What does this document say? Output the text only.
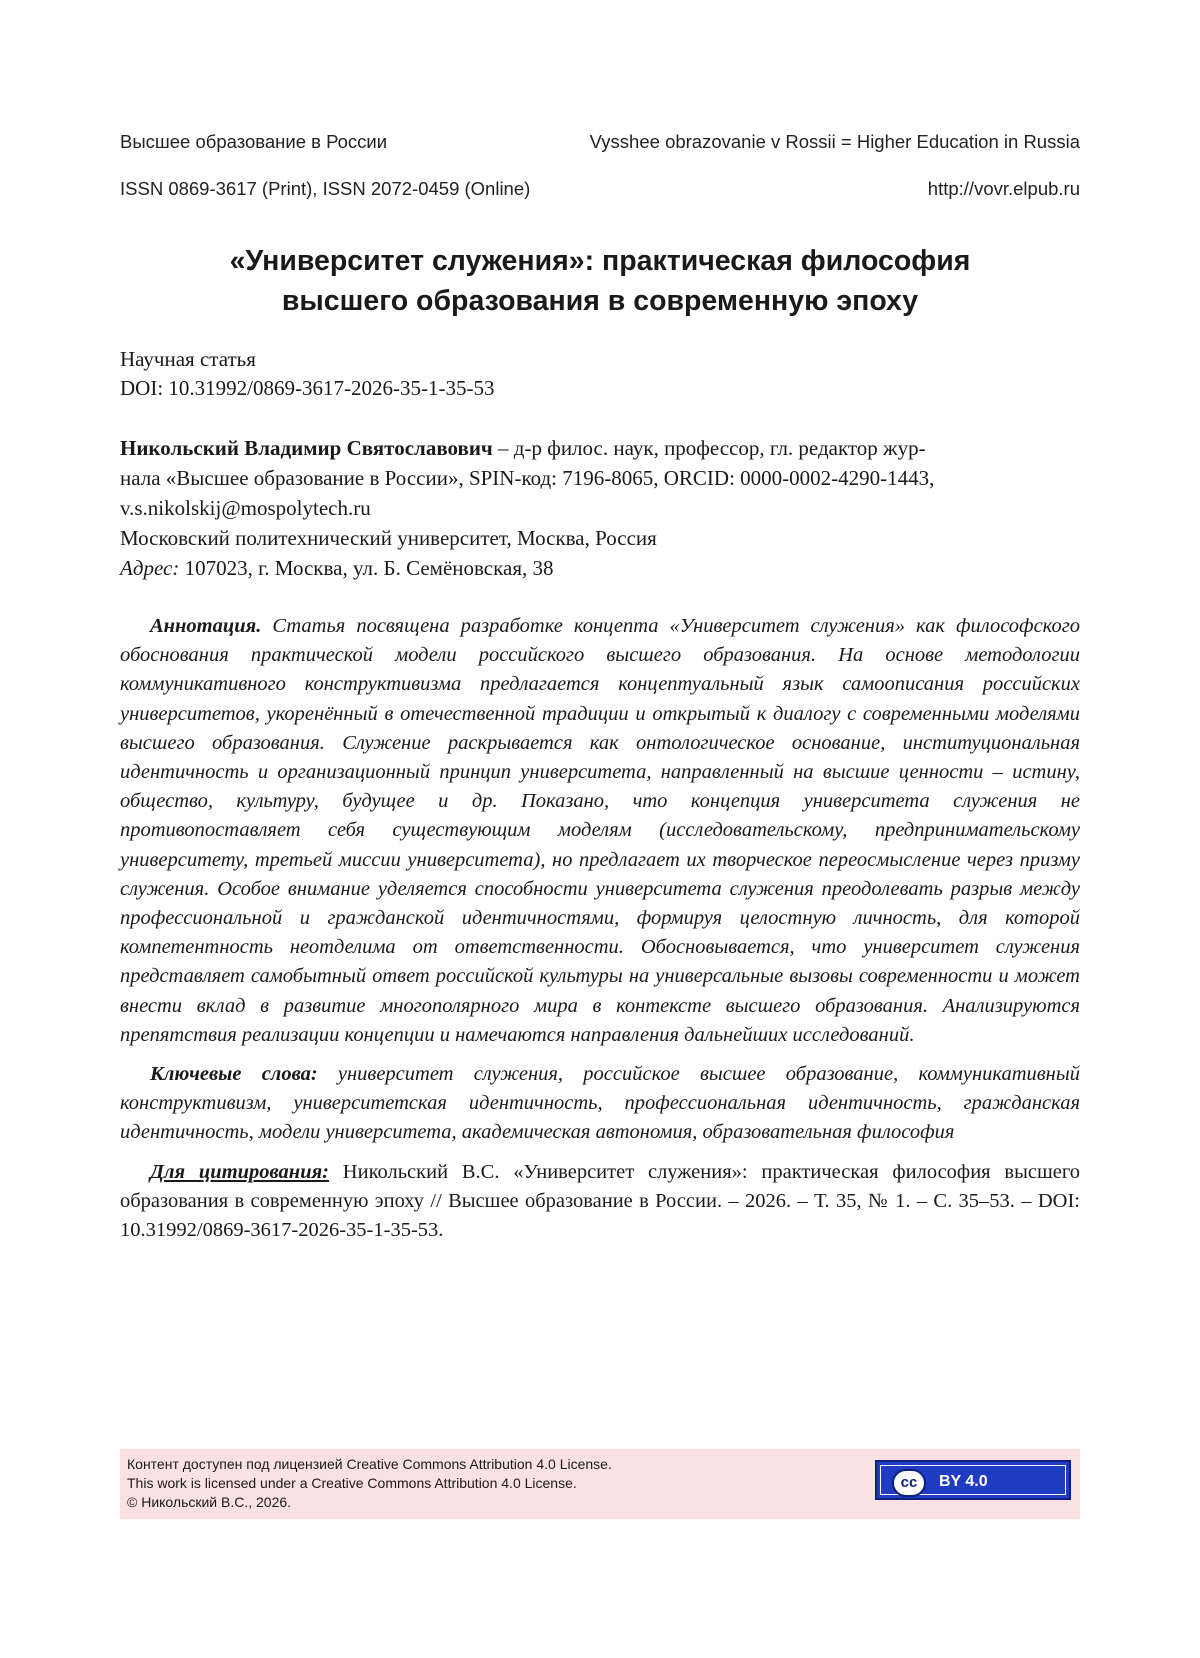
Высшее образование в России	Vysshee obrazovanie v Rossii = Higher Education in Russia
ISSN 0869-3617 (Print), ISSN 2072-0459 (Online)	http://vovr.elpub.ru
«Университет служения»: практическая философия
высшего образования в современную эпоху
Научная статья
DOI: 10.31992/0869-3617-2026-35-1-35-53
Никольский Владимир Святославович – д-р филос. наук, профессор, гл. редактор жур-
нала «Высшее образование в России», SPIN-код: 7196-8065, ORCID: 0000-0002-4290-1443,
v.s.nikolskij@mospolytech.ru
Московский политехнический университет, Москва, Россия
Адрес: 107023, г. Москва, ул. Б. Семёновская, 38

Аннотация. Статья посвящена разработке концепта «Университет служения» как философского обоснования практической модели российского высшего образования. На основе методологии коммуникативного конструктивизма предлагается концептуальный язык самоописания российских университетов, укоренённый в отечественной традиции и открытый к диалогу с современными моделями высшего образования. Служение раскрывается как онтологическое основание, институциональная идентичность и организационный принцип университета, направленный на высшие ценности – истину, общество, культуру, будущее и др. Показано, что концепция университета служения не противопоставляет себя существующим моделям (исследовательскому, предпринимательскому университету, третьей миссии университета), но предлагает их творческое переосмысление через призму служения. Особое внимание уделяется способности университета служения преодолевать разрыв между профессиональной и гражданской идентичностями, формируя целостную личность, для которой компетентность неотделима от ответственности. Обосновывается, что университет служения представляет самобытный ответ российской культуры на универсальные вызовы современности и может внести вклад в развитие многополярного мира в контексте высшего образования. Анализируются препятствия реализации концепции и намечаются направления дальнейших исследований.

Ключевые слова: университет служения, российское высшее образование, коммуникативный конструктивизм, университетская идентичность, профессиональная идентичность, гражданская идентичность, модели университета, академическая автономия, образовательная философия

Для цитирования: Никольский В.С. «Университет служения»: практическая философия высшего образования в современную эпоху // Высшее образование в России. – 2026. – Т. 35, № 1. – С. 35–53. – DOI: 10.31992/0869-3617-2026-35-1-35-53.

Контент доступен под лицензией Creative Commons Attribution 4.0 License.
This work is licensed under a Creative Commons Attribution 4.0 License.
© Никольский В.С., 2026.
cc	BY 4.0
